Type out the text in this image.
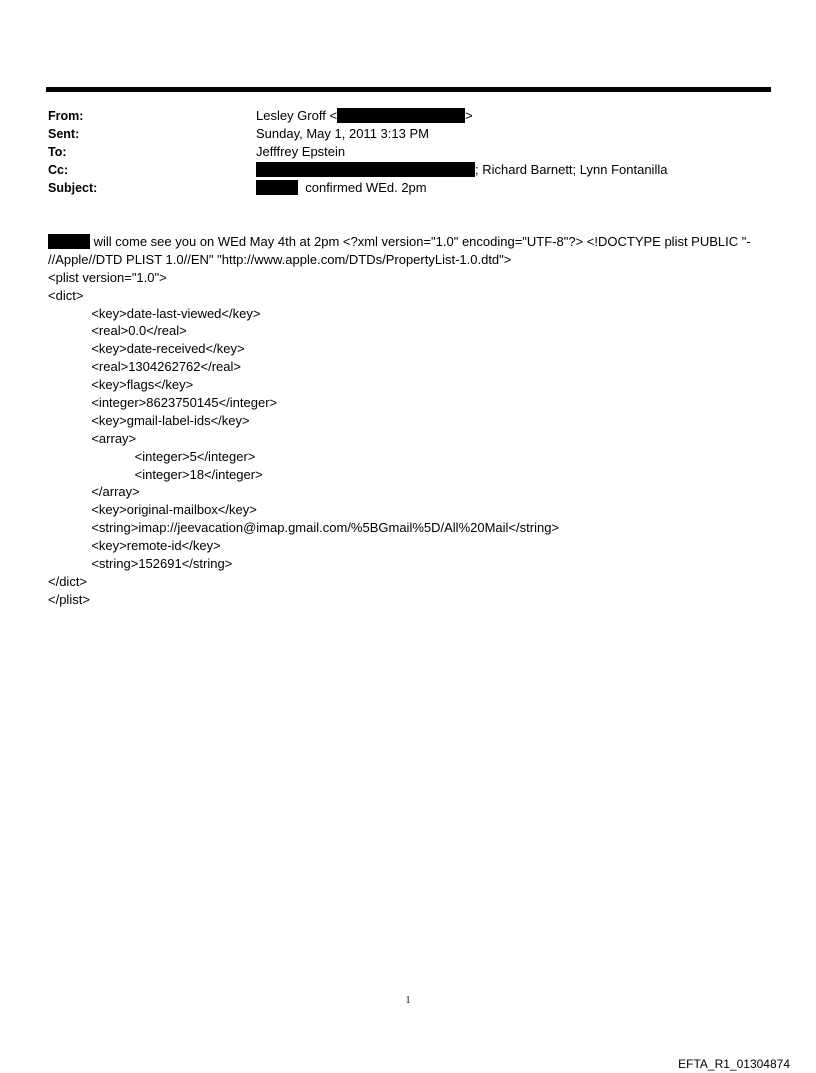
From:	Lesley Groff <	>
Sent:	Sunday, May 1, 2011 3:13 PM
To:	Jefffrey Epstein
Cc:	; Richard Barnett; Lynn Fontanilla
Subject:	confirmed WEd. 2pm
will come see you on WEd May 4th at 2pm <?xml version="1.0" encoding="UTF-8"?> <!DOCTYPE plist PUBLIC "-
//Apple//DTD PLIST 1.0//EN" "http://www.apple.com/DTDs/PropertyList-1.0.dtd">
<plist version="1.0">
<dict>
<key>date-last-viewed</key>
<real>0.0</real>
<key>date-received</key>
<real>1304262762</real>
<key>flags</key>
<integer>8623750145</integer>
<key>gmail-label-ids</key>
<array>
<integer>5</integer>
<integer>18</integer>
</array>
<key>original-mailbox</key>
<string>imap://jeevacation@imap.gmail.com/%5BGmail%5D/All%20Mail</string>
<key>remote-id</key>
<string>152691</string>
</dict>
</plist>
1
EFTA_R1_01304874
